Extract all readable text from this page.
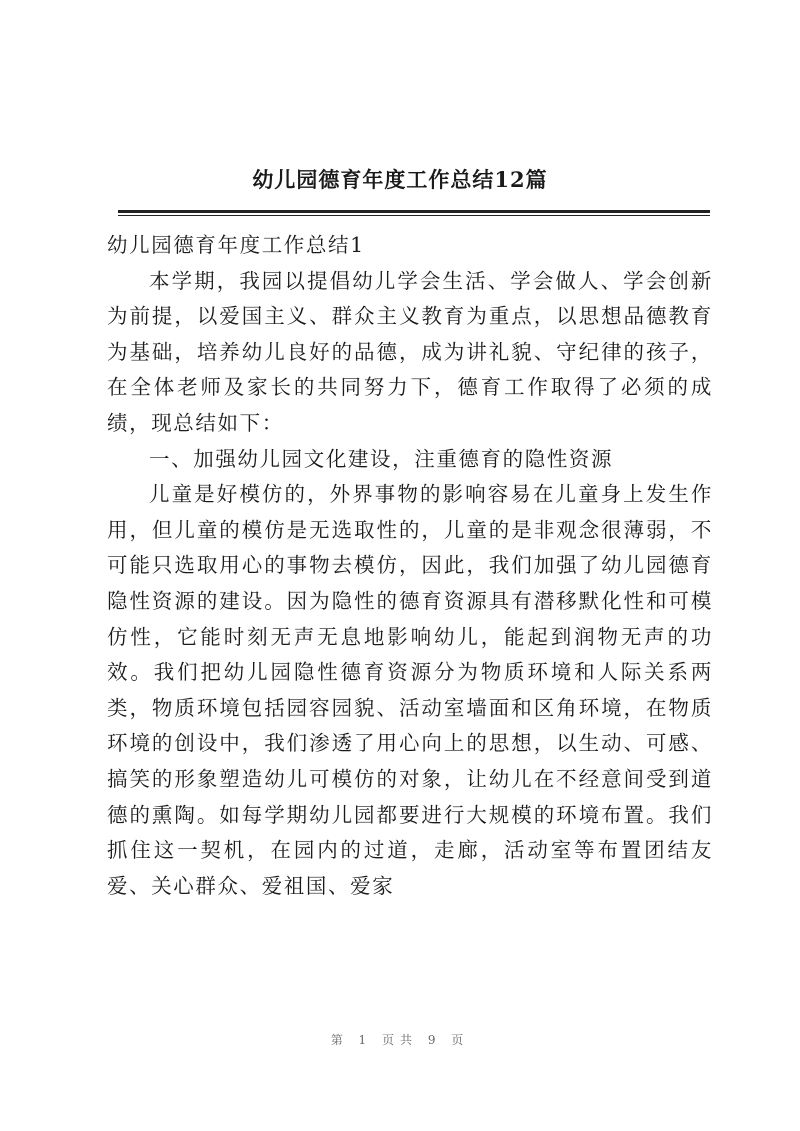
幼儿园德育年度工作总结12篇

幼儿园德育年度工作总结1

本学期，我园以提倡幼儿学会生活、学会做人、学会创新为前提，以爱国主义、群众主义教育为重点，以思想品德教育为基础，培养幼儿良好的品德，成为讲礼貌、守纪律的孩子，在全体老师及家长的共同努力下，德育工作取得了必须的成绩，现总结如下：

一、加强幼儿园文化建设，注重德育的隐性资源

儿童是好模仿的，外界事物的影响容易在儿童身上发生作用，但儿童的模仿是无选取性的，儿童的是非观念很薄弱，不可能只选取用心的事物去模仿，因此，我们加强了幼儿园德育隐性资源的建设。因为隐性的德育资源具有潜移默化性和可模仿性，它能时刻无声无息地影响幼儿，能起到润物无声的功效。我们把幼儿园隐性德育资源分为物质环境和人际关系两类，物质环境包括园容园貌、活动室墙面和区角环境，在物质环境的创设中，我们渗透了用心向上的思想，以生动、可感、搞笑的形象塑造幼儿可模仿的对象，让幼儿在不经意间受到道德的熏陶。如每学期幼儿园都要进行大规模的环境布置。我们抓住这一契机，在园内的过道，走廊，活动室等布置团结友爱、关心群众、爱祖国、爱家

第 1 页共 9 页
